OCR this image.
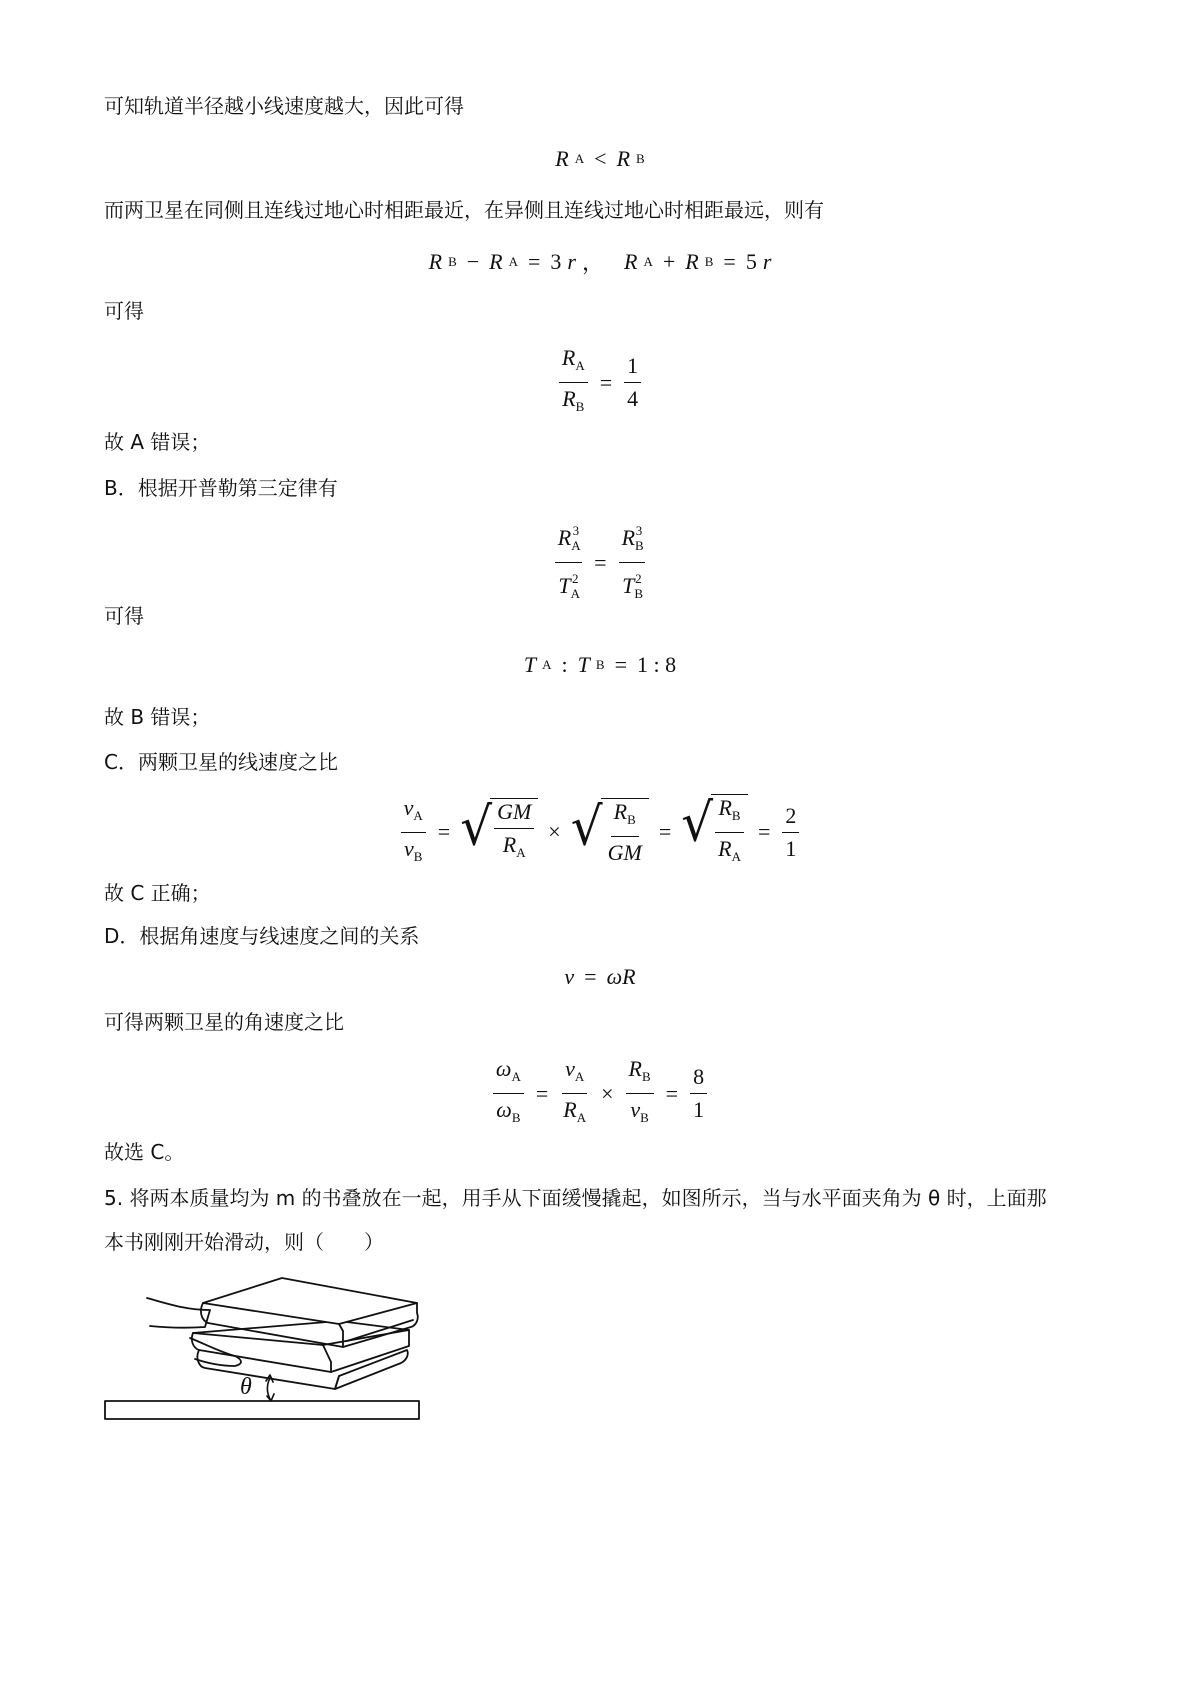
可知轨道半径越小线速度越大，因此可得
R A < R B
而两卫星在同侧且连线过地心时相距最近，在异侧且连线过地心时相距最远，则有
R B − R A = 3 r ， R A + R B = 5 r
可得
$\frac{R_A}{R_B} = \frac{1}{4}$
故 A 错误；
B．根据开普勒第三定律有
$\frac{R_A^3}{T_A^2} = \frac{R_B^3}{T_B^2}$
可得
T A : T B = 1 : 8
故 B 错误；
C．两颗卫星的线速度之比
$\frac{v_A}{v_B}$ = √ $\frac{GM}{R_A}$ × √ $\frac{R_B}{GM}$ = √ $\frac{R_B}{R_A} = \frac{2}{1}$
故 C 正确；
D．根据角速度与线速度之间的关系
v = ωR
可得两颗卫星的角速度之比
$\frac{\omega_A}{\omega_B} = \frac{v_A}{R_A} \times \frac{R_B}{v_B} = \frac{8}{1}$
故选 C。
5. 将两本质量均为 m 的书叠放在一起，用手从下面缓慢撬起，如图所示，当与水平面夹角为 θ 时，上面那
本书刚刚开始滑动，则（　　）
θ
